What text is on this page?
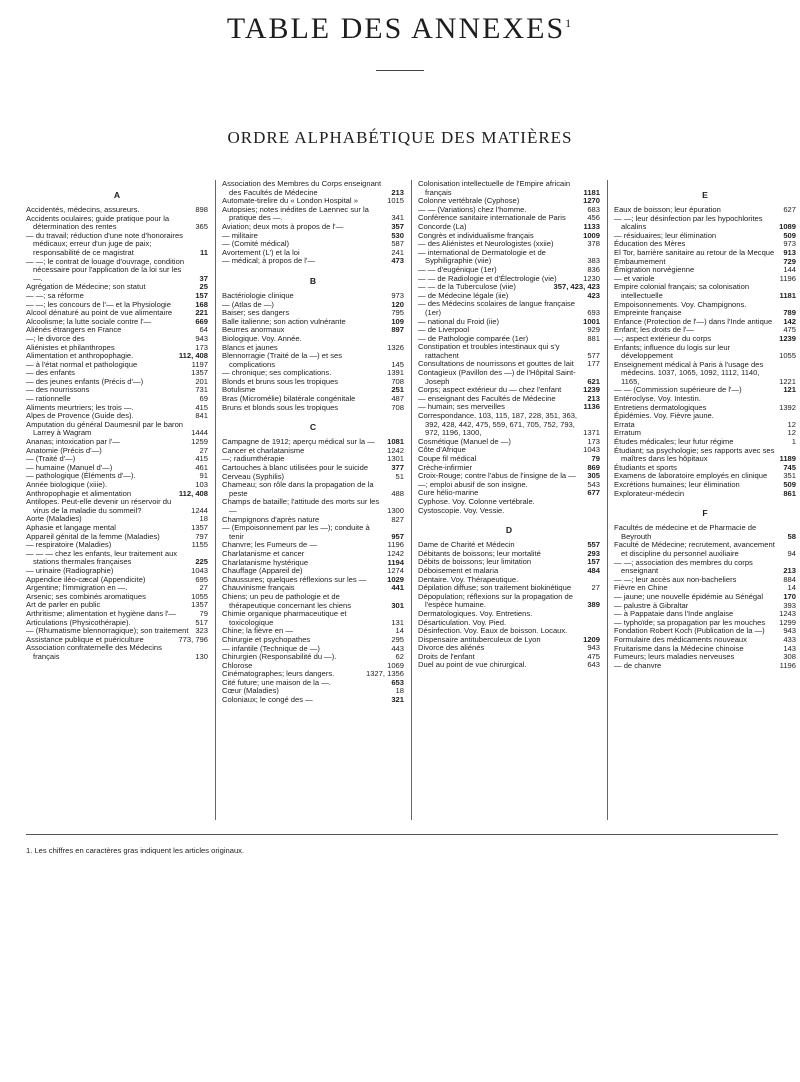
TABLE DES ANNEXES$^1$
ORDRE ALPHABÉTIQUE DES MATIÈRES
A
Accidentés, médecins, assureurs.	898
Accidents oculaires; guide pratique pour la détermination des rentes	365
— du travail; réduction d'une note d'honoraires médicaux; erreur d'un juge de paix; responsabilité de ce magistrat	11
— —; le contrat de louage d'ouvrage, condition nécessaire pour l'application de la loi sur les —.	37
Agrégation de Médecine; son statut	25
— —; sa réforme	157
— —; les concours de l'— et la Physiologie	168
Alcool dénaturé au point de vue alimentaire	221
Alcoolisme; la lutte sociale contre l'—	669
Aliénés étrangers en France	64
—; le divorce des	943
Aliénistes et philanthropes	173
Alimentation et anthropophagie.	112, 408
— à l'état normal et pathologique	1197
— des enfants	1357
— des jeunes enfants (Précis d'—)	201
— des nourrissons	731
— rationnelle	69
Aliments meurtriers; les trois —.	415
Alpes de Provence (Guide des).	841
Amputation du général Daumesnil par le baron Larrey à Wagram	1444
Ananas; intoxication par l'—	1259
Anatomie (Précis d'—)	27
— (Traité d'—)	415
— humaine (Manuel d'—)	461
— pathologique (Éléments d'—).	91
Année biologique (xiiie).	103
Anthropophagie et alimentation	112, 408
Antilopes. Peut-elle devenir un réservoir du virus de la maladie du sommeil?	1244
Aorte (Maladies)	18
Aphasie et langage mental	1357
Appareil génital de la femme (Maladies)	797
— respiratoire (Maladies)	1155
— — — chez les enfants, leur traitement aux stations thermales françaises	225
— urinaire (Radiographie)	1043
Appendice iléo-cæcal (Appendicite)	695
Argentine; l'immigration en —.	27
Arsenic; ses combinés aromatiques	1055
Art de parler en public	1357
Arthritisme; alimentation et hygiène dans l'—	79
Articulations (Physicothérapie).	517
— (Rhumatisme blennorragique); son traitement 323
Assistance publique et puériculture	773, 796
Association confraternelle des Médecins français	130
Association des Membres du Corps enseignant des Facultés de Médecine	213
Automate-tirelire du « London Hospital »	1015
Autopsies; notes inédites de Laennec sur la pratique des —.	341
Aviation; deux mots à propos de l'—	357
— militaire	530
— (Comité médical)	587
Avortement (L') et la loi	241
— médical; à propos de l'—	473
B
Bactériologie clinique	973
— (Atlas de —)	120
Baiser; ses dangers	795
Balle italienne; son action vulnérante	109
Beurres anormaux	897
Biologique. Voy. Année.
Blancs et jaunes	1326
Blennorragie (Traité de la —) et ses complications	145
— chronique; ses complications.	1391
Blonds et bruns sous les tropiques	708
Botulisme	251
Bras (Micromélie) bilatérale congénitale	487
Bruns et blonds sous les tropiques	708
C
Campagne de 1912; aperçu médical sur la —	1081
Cancer et charlatanisme	1242
—; radiumthérapie	1301
Cartouches à blanc utilisées pour le suicide	377
Cerveau (Syphilis)	51
Chameau; son rôle dans la propagation de la peste	488
Champs de bataille; l'attitude des morts sur les —	1300
Champignons d'après nature	827
— (Empoisonnement par les —); conduite à tenir	957
Chanvre; les Fumeurs de —	1196
Charlatanisme et cancer	1242
Charlatanisme hystérique	1194
Chauffage (Appareil de)	1274
Chaussures; quelques réflexions sur les —	1029
Chauvinisme français	441
Chiens; un peu de pathologie et de thérapeutique concernant les chiens	301
Chimie organique pharmaceutique et toxicologique	131
Chine; la fièvre en —	14
Chirurgie et psychopathes	295
— infantile (Technique de —)	443
Chirurgien (Responsabilité du —).	62
Chlorose	1069
Cinématographes; leurs dangers.	1327, 1356
Cité future; une maison de la —.	653
Cœur (Maladies)	18
Coloniaux; le congé des —	321
Colonisation intellectuelle de l'Empire africain français	1181
Colonne vertébrale (Cyphose)	1270
— — (Variations) chez l'homme.	683
Conférence sanitaire internationale de Paris	456
Concorde (La)	1133
Congrès et individualisme français	1009
— des Aliénistes et Neurologistes (xxiie)	378
— international de Dermatologie et de Syphiligraphie (viie)	383
— — d'eugénique (1er)	836
— — de Radiologie et d'Électrologie (vie)	1230
— — de la Tuberculose (viie)	357, 423, 423
— de Médecine légale (iie)	423
— des Médecins scolaires de langue française (1er)	693
— national du Froid (iie)	1001
— de Liverpool	929
— de Pathologie comparée (1er)	881
Constipation et troubles intestinaux qui s'y rattachent	577
Consultations de nourrissons et gouttes de lait	177
Contagieux (Pavillon des —) de l'Hôpital Saint-Joseph	621
Corps; aspect extérieur du — chez l'enfant	1239
— enseignant des Facultés de Médecine	213
— humain; ses merveilles	1136
Correspondance. 103, 115, 187, 228, 351, 363, 392, 428, 442, 475, 559, 671, 705, 752, 793, 972, 1196, 1300,	1371
Cosmétique (Manuel de —)	173
Côte d'Afrique	1043
Coupe fil médical	79
Crèche-infirmier	869
Croix-Rouge; contre l'abus de l'insigne de la —	305
—; emploi abusif de son insigne.	543
Cure hélio-marine	677
Cyphose. Voy. Colonne vertébrale.
Cystoscopie. Voy. Vessie.
D
Dame de Charité et Médecin	557
Débitants de boissons; leur mortalité	293
Débits de boissons; leur limitation	157
Déboisement et malaria	484
Dentaire. Voy. Thérapeutique.
Dépilation diffuse; son traitement biokinétique	27
Dépopulation; réflexions sur la propagation de l'espèce humaine.	389
Dermatologiques. Voy. Entretiens.
Désarticulation. Voy. Pied.
Désinfection. Voy. Eaux de boisson. Locaux.
Dispensaire antituberculeux de Lyon	1209
Divorce des aliénés	943
Droits de l'enfant	475
Duel au point de vue chirurgical.	643
E
Eaux de boisson; leur épuration	627
— —; leur désinfection par les hypochlorites alcalins	1089
— résiduaires; leur élimination	509
Éducation des Mères	973
El Tor, barrière sanitaire au retour de la Mecque	913
Embaumement	729
Émigration norvégienne	144
— et variole	1196
Empire colonial français; sa colonisation intellectuelle	1181
Empoisonnements. Voy. Champignons.
Empreinte française	789
Enfance (Protection de l'—) dans l'Inde antique	142
Enfant; les droits de l'—	475
—; aspect extérieur du corps	1239
Enfants; influence du logis sur leur développement	1055
Enseignement médical à Paris à l'usage des médecins. 1037, 1065, 1092, 1112, 1140, 1165,	1221
— — (Commission supérieure de l'—)	121
Entéroclyse. Voy. Intestin.
Entretiens dermatologiques	1392
Épidémies. Voy. Fièvre jaune.
Errata	12
Erratum	12
Études médicales; leur futur régime	1
Étudiant; sa psychologie; ses rapports avec ses maîtres dans les hôpitaux	1189
Étudiants et sports	745
Examens de laboratoire employés en clinique	351
Excrétions humaines; leur élimination	509
Explorateur-médecin	861
F
Facultés de médecine et de Pharmacie de Beyrouth	58
Faculté de Médecine; recrutement, avancement et discipline du personnel auxiliaire	94
— —; association des membres du corps enseignant	213
— —; leur accès aux non-bacheliers	884
Fièvre en Chine	14
— jaune; une nouvelle épidémie au Sénégal	170
— palustre à Gibraltar	393
— à Pappataie dans l'Inde anglaise	1243
— typhoïde; sa propagation par les mouches	1299
Fondation Robert Koch (Publication de la —)	943
Formulaire des médicaments nouveaux	433
Fruitarisme dans la Médecine chinoise	143
Fumeurs; leurs maladies nerveuses	308
— de chanvre	1196
1. Les chiffres en caractères gras indiquent les articles originaux.
